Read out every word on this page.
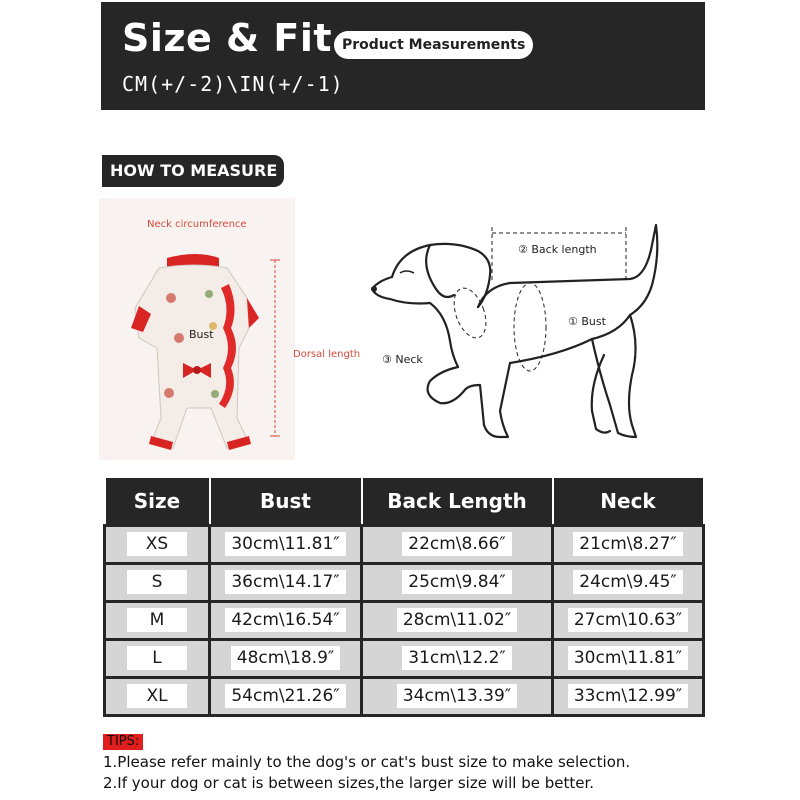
Size & Fit Product Measurements
CM(+/-2)\IN(+/-1)
HOW TO MEASURE
Neck circumference
Bust
Dorsal length
② Back length
① Bust
③ Neck
Size	Bust	Back Length	Neck
XS	30cm\11.81″	22cm\8.66″	21cm\8.27″
S	36cm\14.17″	25cm\9.84″	24cm\9.45″
M	42cm\16.54″	28cm\11.02″	27cm\10.63″
L	48cm\18.9″	31cm\12.2″	30cm\11.81″
XL	54cm\21.26″	34cm\13.39″	33cm\12.99″
TIPS:
1.Please refer mainly to the dog's or cat's bust size to make selection.
2.If your dog or cat is between sizes,the larger size will be better.
